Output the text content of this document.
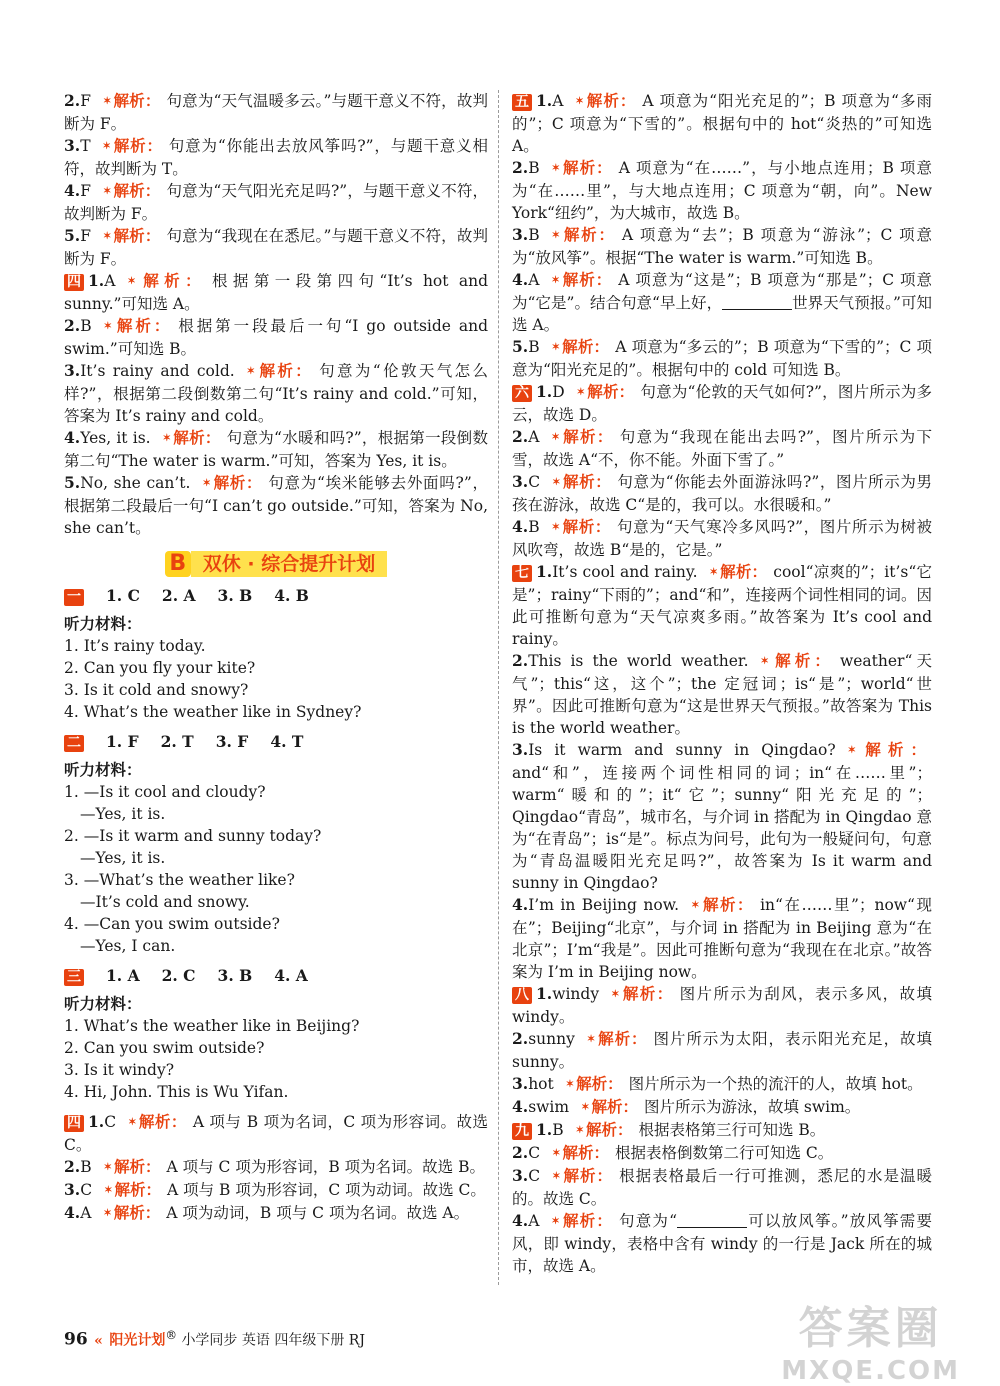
2.F ✶ 解析： 句意为“天气温暖多云。”与题干意义不符，故判断为 F。

3.T ✶ 解析： 句意为“你能出去放风筝吗?”，与题干意义相符，故判断为 T。

4.F ✶ 解析： 句意为“天气阳光充足吗?”，与题干意义不符，故判断为 F。

5.F ✶ 解析： 句意为“我现在在悉尼。”与题干意义不符，故判断为 F。

四 1.A ✶ 解析： 根据第一段第四句“It’s hot and sunny.”可知选 A。

2.B ✶ 解析： 根据第一段最后一句“I go outside and swim.”可知选 B。

3.It’s rainy and cold. ✶ 解析： 句意为“伦敦天气怎么样?”，根据第二段倒数第二句“It’s rainy and cold.”可知，答案为 It’s rainy and cold。

4.Yes, it is. ✶ 解析： 句意为“水暖和吗?”，根据第一段倒数第二句“The water is warm.”可知，答案为 Yes, it is。

5.No, she can’t. ✶ 解析： 句意为“埃米能够去外面吗?”，根据第二段最后一句“I can’t go outside.”可知，答案为 No, she can’t。

B 双休 · 综合提升计划
一 1. C 2. A 3. B 4. B
听力材料：

1. It’s rainy today.

2. Can you fly your kite?

3. Is it cold and snowy?

4. What’s the weather like in Sydney?

二 1. F 2. T 3. F 4. T
听力材料：

1. —Is it cool and cloudy?

—Yes, it is.

2. —Is it warm and sunny today?

—Yes, it is.

3. —What’s the weather like?

—It’s cold and snowy.

4. —Can you swim outside?

—Yes, I can.

三 1. A 2. C 3. B 4. A
听力材料：

1. What’s the weather like in Beijing?

2. Can you swim outside?

3. Is it windy?

4. Hi, John. This is Wu Yifan.

四 1.C ✶ 解析： A 项与 B 项为名词，C 项为形容词。故选 C。

2.B ✶ 解析： A 项与 C 项为形容词，B 项为名词。故选 B。

3.C ✶ 解析： A 项与 B 项为形容词，C 项为动词。故选 C。

4.A ✶ 解析： A 项为动词，B 项与 C 项为名词。故选 A。

五 1.A ✶ 解析： A 项意为“阳光充足的”；B 项意为“多雨的”；C 项意为“下雪的”。根据句中的 hot“炎热的”可知选 A。

2.B ✶ 解析： A 项意为“在……”，与小地点连用；B 项意为“在……里”，与大地点连用；C 项意为“朝，向”。New York“纽约”，为大城市，故选 B。

3.B ✶ 解析： A 项意为“去”；B 项意为“游泳”；C 项意为“放风筝”。根据“The water is warm.”可知选 B。

4.A ✶ 解析： A 项意为“这是”；B 项意为“那是”；C 项意为“它是”。结合句意“早上好，	世界天气预报。”可知选 A。

5.B ✶ 解析： A 项意为“多云的”；B 项意为“下雪的”；C 项意为“阳光充足的”。根据句中的 cold 可知选 B。

六 1.D ✶ 解析： 句意为“伦敦的天气如何?”，图片所示为多云，故选 D。

2.A ✶ 解析： 句意为“我现在能出去吗?”，图片所示为下雪，故选 A“不，你不能。外面下雪了。”

3.C ✶ 解析： 句意为“你能去外面游泳吗?”，图片所示为男孩在游泳，故选 C“是的，我可以。水很暖和。”

4.B ✶ 解析： 句意为“天气寒冷多风吗?”，图片所示为树被风吹弯，故选 B“是的，它是。”

七 1.It’s cool and rainy. ✶ 解析： cool“凉爽的”；it’s“它是”；rainy“下雨的”；and“和”，连接两个词性相同的词。因此可推断句意为“天气凉爽多雨。”故答案为 It’s cool and rainy。

2.This is the world weather. ✶ 解析： weather“天气”；this“这，这个”；the 定冠词；is“是”；world“世界”。因此可推断句意为“这是世界天气预报。”故答案为 This is the world weather。

3.Is it warm and sunny in Qingdao? ✶ 解析：and“和”，连接两个词性相同的词；in“在……里”；warm“暖和的”；it“它”；sunny“阳光充足的”；Qingdao“青岛”，城市名，与介词 in 搭配为 in Qingdao 意为“在青岛”；is“是”。标点为问号，此句为一般疑问句，句意为“青岛温暖阳光充足吗?”，故答案为 Is it warm and sunny in Qingdao?

4.I’m in Beijing now. ✶ 解析： in“在……里”；now“现在”；Beijing“北京”，与介词 in 搭配为 in Beijing 意为“在北京”；I’m“我是”。因此可推断句意为“我现在在北京。”故答案为 I’m in Beijing now。

八 1.windy ✶ 解析： 图片所示为刮风，表示多风，故填 windy。

2.sunny ✶ 解析： 图片所示为太阳，表示阳光充足，故填 sunny。

3.hot ✶ 解析： 图片所示为一个热的流汗的人，故填 hot。

4.swim ✶ 解析： 图片所示为游泳，故填 swim。

九 1.B ✶ 解析： 根据表格第三行可知选 B。

2.C ✶ 解析： 根据表格倒数第二行可知选 C。

3.C ✶ 解析： 根据表格最后一行可推测，悉尼的水是温暖的。故选 C。

4.A ✶ 解析： 句意为“	可以放风筝。”放风筝需要风，即 windy，表格中含有 windy 的一行是 Jack 所在的城市，故选 A。

96 « 阳光计划® 小学同步 英语 四年级下册 RJ	答案圈
MXQE.COM
